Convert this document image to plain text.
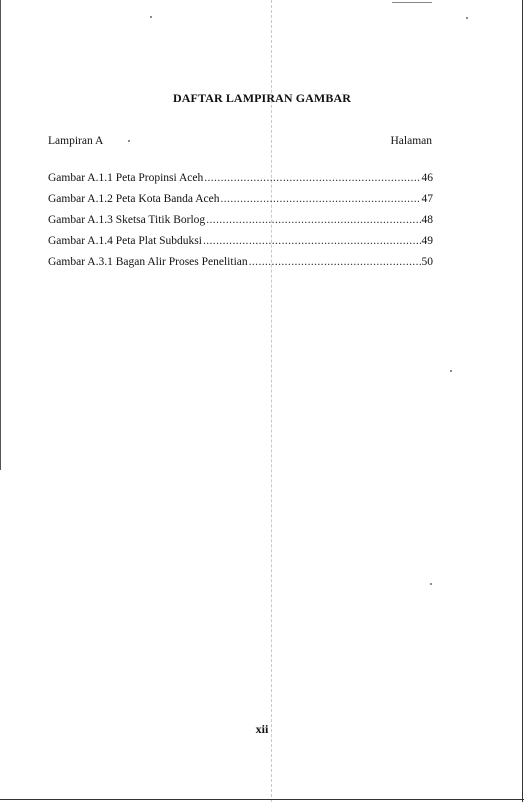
DAFTAR LAMPIRAN GAMBAR
Lampiran A	Halaman
Gambar A.1.1 Peta Propinsi Aceh .....	46
Gambar A.1.2 Peta Kota Banda Aceh .....	47
Gambar A.1.3 Sketsa Titik Borlog .....	48
Gambar A.1.4 Peta Plat Subduksi .....	49
Gambar A.3.1 Bagan Alir Proses Penelitian .....	50
xii
